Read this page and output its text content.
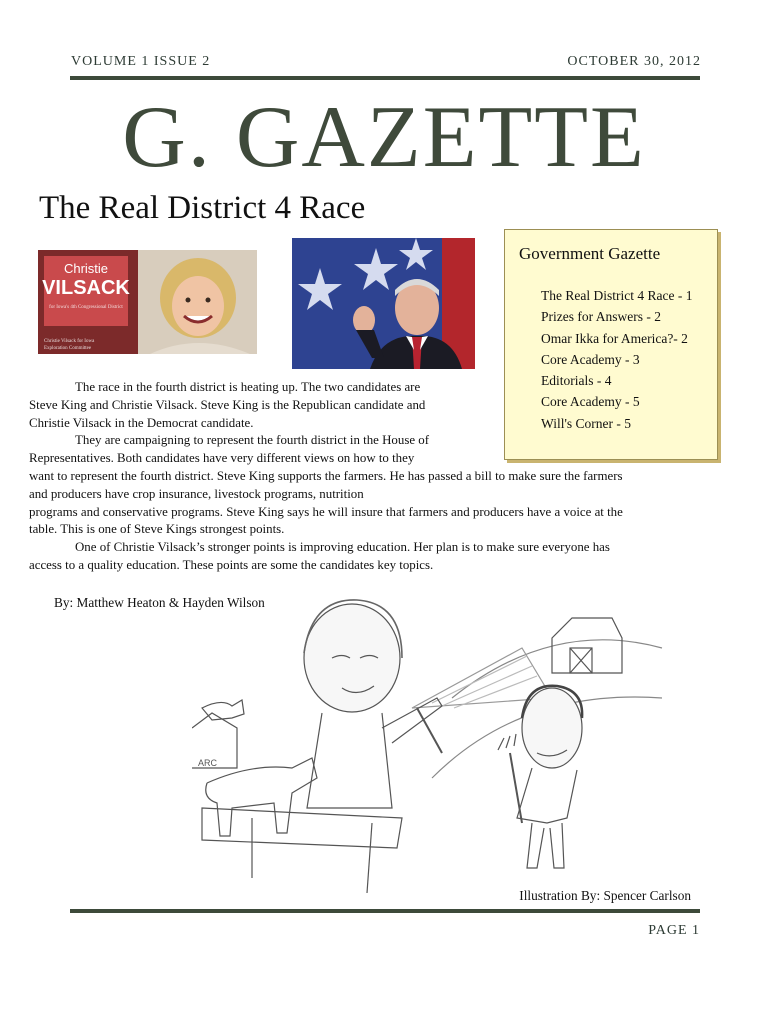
VOLUME 1 ISSUE 2	OCTOBER 30, 2012
G. GAZETTE
The Real District 4 Race
Christie
VILSACK
for Iowa's 4th Congressional District
Christie Vilsack for Iowa
Exploration Committee
Government Gazette
The Real District 4 Race - 1
Prizes for Answers - 2
Omar Ikka for America?- 2
Core Academy - 3
Editorials - 4
Core Academy - 5
Will's Corner - 5
The race in the fourth district is heating up. The two candidates are
Steve King and Christie Vilsack. Steve King is the Republican candidate and
Christie Vilsack in the Democrat candidate.
They are campaigning to represent the fourth district in the House of
Representatives. Both candidates have very different views on how to they
want to represent the fourth district. Steve King supports the farmers. He has passed a bill to make sure the farmers
and producers have crop insurance, livestock programs, nutrition
programs and conservative programs. Steve King says he will insure that farmers and producers have a voice at the
table. This is one of Steve Kings strongest points.
One of Christie Vilsack’s stronger points is improving education. Her plan is to make sure everyone has
access to a quality education. These points are some the candidates key topics.
By: Matthew Heaton & Hayden Wilson
ARC
Illustration By: Spencer Carlson
PAGE 1
